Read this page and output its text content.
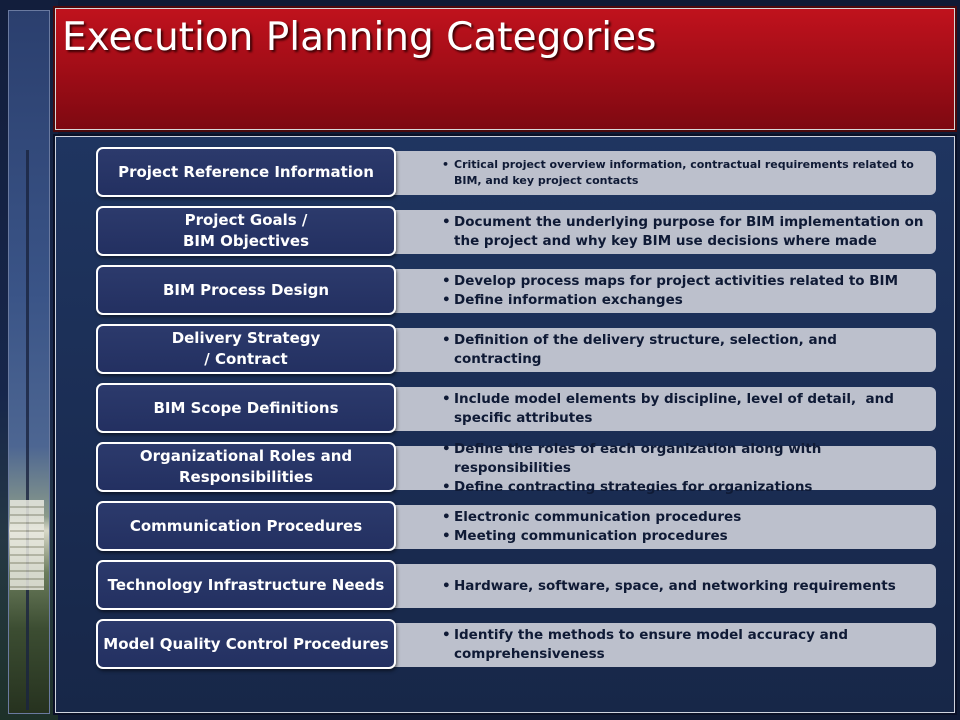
Execution Planning Categories
• Critical project overview information, contractual requirements related to BIM, and key project contacts
Project Reference Information
• Document the underlying purpose for BIM implementation on the project and why key BIM use decisions where made
Project Goals / BIM Objectives
• Develop process maps for project activities related to BIM
• Define information exchanges
BIM Process Design
• Definition of the delivery structure, selection, and contracting
Delivery Strategy / Contract
• Include model elements by discipline, level of detail,  and specific attributes
BIM Scope Definitions
• Define the roles of each organization along with responsibilities
• Define contracting strategies for organizations
Organizational Roles and Responsibilities
• Electronic communication procedures
• Meeting communication procedures
Communication Procedures
• Hardware, software, space, and networking requirements
Technology Infrastructure Needs
• Identify the methods to ensure model accuracy and comprehensiveness
Model Quality Control Procedures
